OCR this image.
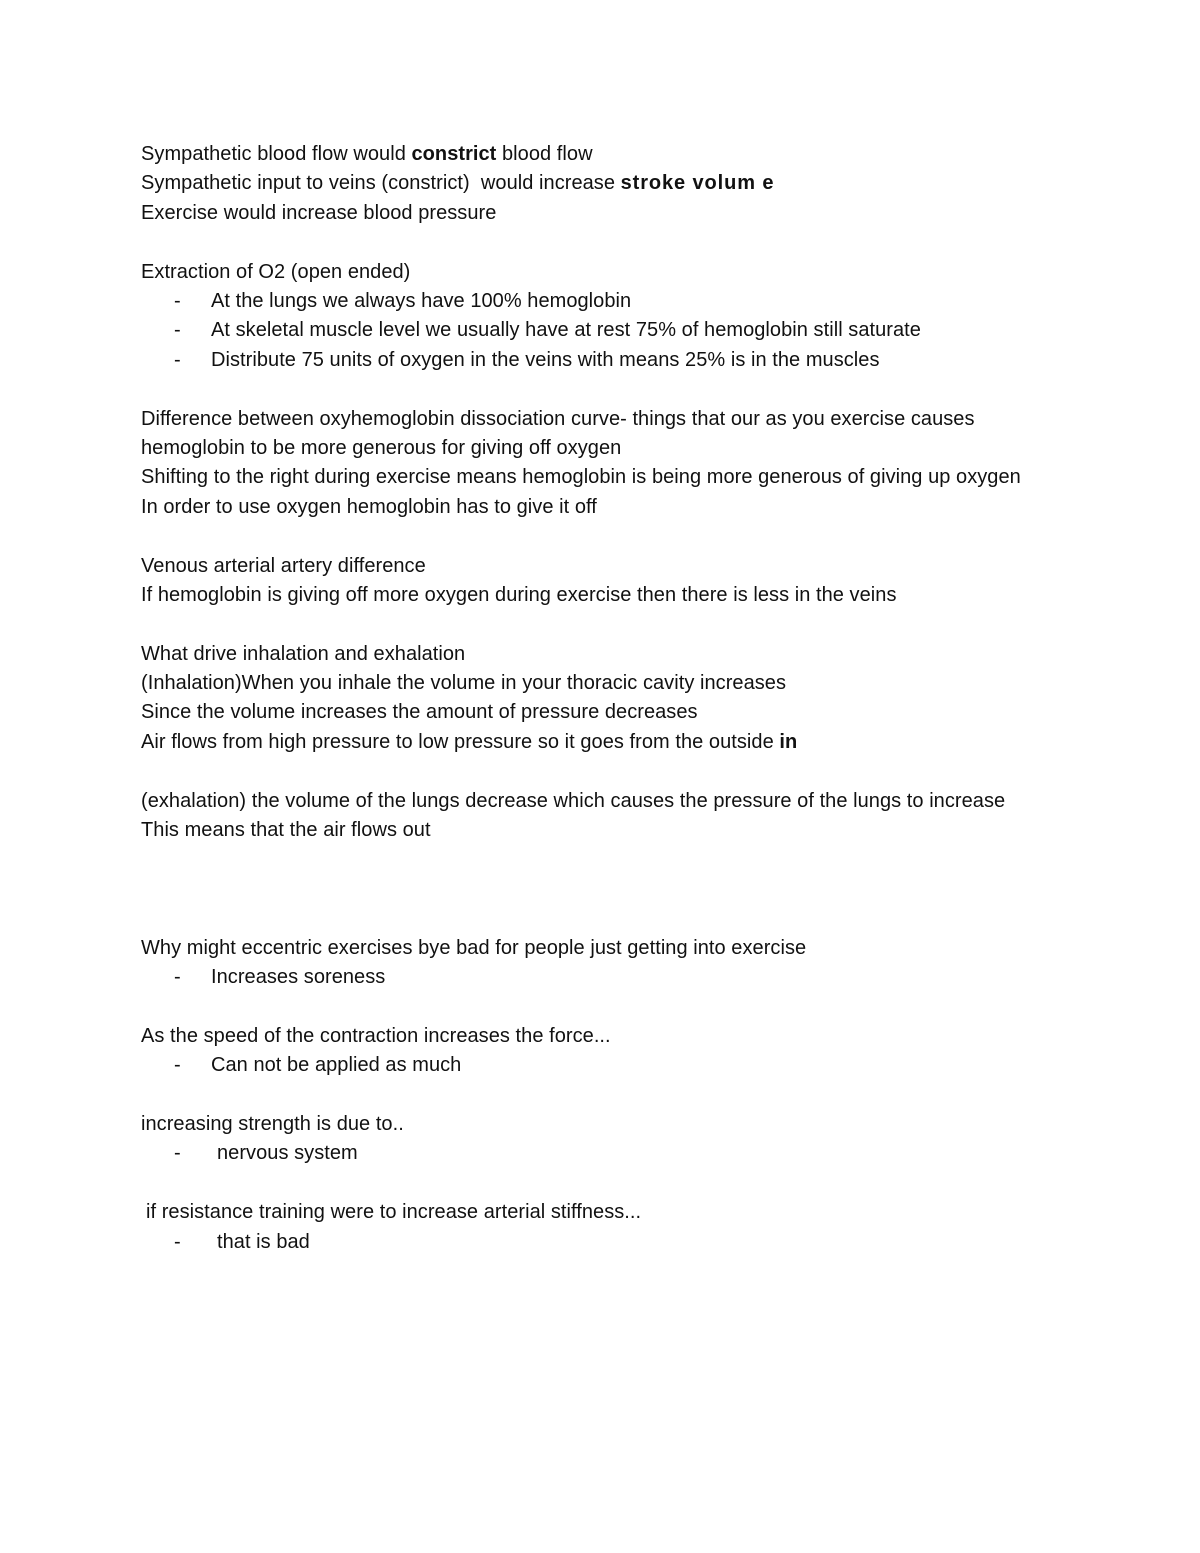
Sympathetic blood flow would constrict blood flow

Sympathetic input to veins (constrict)  would increase stroke volum e

Exercise would increase blood pressure

Extraction of O2 (open ended)

- At the lungs we always have 100% hemoglobin
- At skeletal muscle level we usually have at rest 75% of hemoglobin still saturate
- Distribute 75 units of oxygen in the veins with means 25% is in the muscles

Difference between oxyhemoglobin dissociation curve- things that our as you exercise causes hemoglobin to be more generous for giving off oxygen

Shifting to the right during exercise means hemoglobin is being more generous of giving up oxygen

In order to use oxygen hemoglobin has to give it off

Venous arterial artery difference

If hemoglobin is giving off more oxygen during exercise then there is less in the veins

What drive inhalation and exhalation

(Inhalation)When you inhale the volume in your thoracic cavity increases

Since the volume increases the amount of pressure decreases

Air flows from high pressure to low pressure so it goes from the outside in

(exhalation) the volume of the lungs decrease which causes the pressure of the lungs to increase

This means that the air flows out

Why might eccentric exercises bye bad for people just getting into exercise

- Increases soreness

As the speed of the contraction increases the force...

- Can not be applied as much

increasing strength is due to..

- nervous system

if resistance training were to increase arterial stiffness...

- that is bad
